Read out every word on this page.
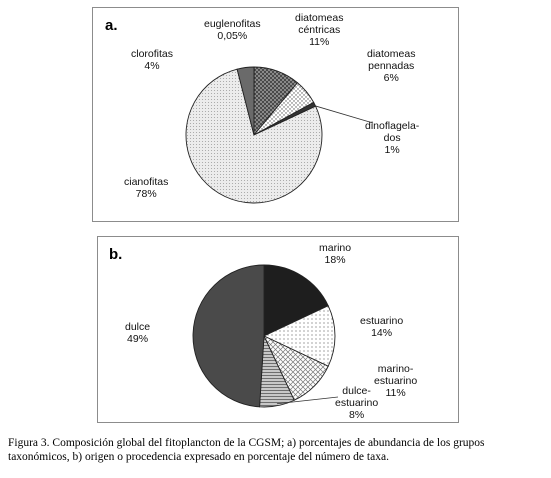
a.	euglenofitas
0,05%
diatomeas
céntricas
11%
diatomeas
pennadas
6%
dinoflagela-
dos
1%
cianofitas
78%
clorofitas
4%
b.	marino
18%
estuarino
14%
marino-
estuarino
11%
dulce-
estuarino
8%
dulce
49%
Figura 3. Composición global del fitoplancton de la CGSM; a) porcentajes de abundancia de los grupos taxonómicos, b) origen o procedencia expresado en porcentaje del número de taxa.
